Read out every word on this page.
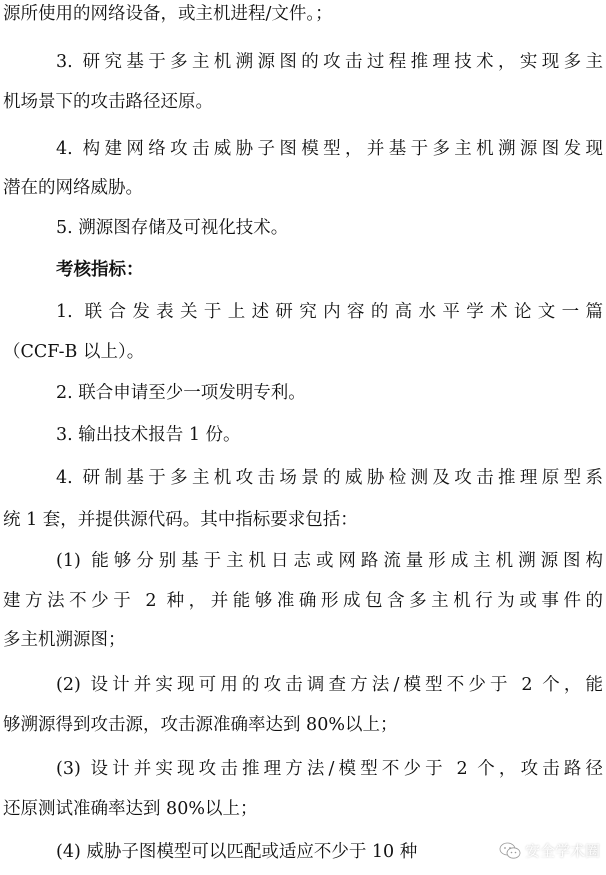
源所使用的网络设备，或主机进程/文件。；
3. 研究基于多主机溯源图的攻击过程推理技术，实现多主
机场景下的攻击路径还原。
4. 构建网络攻击威胁子图模型，并基于多主机溯源图发现
潜在的网络威胁。
5. 溯源图存储及可视化技术。
考核指标：
1. 联合发表关于上述研究内容的高水平学术论文一篇
（CCF-B 以上）。
2. 联合申请至少一项发明专利。
3. 输出技术报告 1 份。
4. 研制基于多主机攻击场景的威胁检测及攻击推理原型系
统 1 套，并提供源代码。其中指标要求包括：
(1) 能够分别基于主机日志或网路流量形成主机溯源图构
建方法不少于 2 种，并能够准确形成包含多主机行为或事件的
多主机溯源图；
(2) 设计并实现可用的攻击调查方法/模型不少于 2 个，能
够溯源得到攻击源，攻击源准确率达到 80%以上；
(3) 设计并实现攻击推理方法/模型不少于 2 个，攻击路径
还原测试准确率达到 80%以上；
(4) 威胁子图模型可以匹配或适应不少于 10 种	安全学术圈
